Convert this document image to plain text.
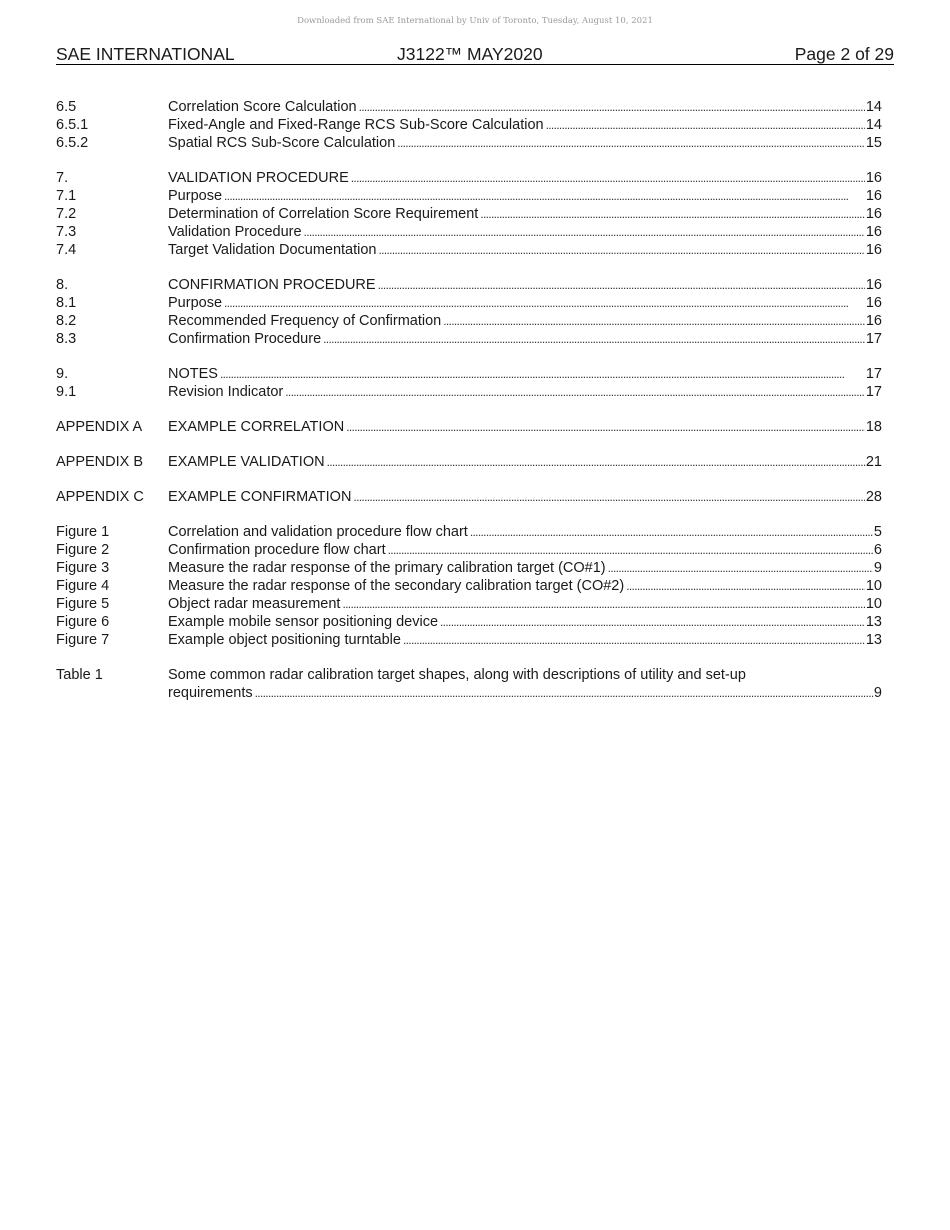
Downloaded from SAE International by Univ of Toronto, Tuesday, August 10, 2021
SAE INTERNATIONAL	J3122™ MAY2020	Page 2 of 29
6.5	Correlation Score Calculation . . .	14
6.5.1	Fixed-Angle and Fixed-Range RCS Sub-Score Calculation . . .	14
6.5.2	Spatial RCS Sub-Score Calculation . . .	15
7.	VALIDATION PROCEDURE . . .	16
7.1	Purpose . . .	16
7.2	Determination of Correlation Score Requirement . . .	16
7.3	Validation Procedure . . .	16
7.4	Target Validation Documentation . . .	16
8.	CONFIRMATION PROCEDURE . . .	16
8.1	Purpose . . .	16
8.2	Recommended Frequency of Confirmation . . .	16
8.3	Confirmation Procedure . . .	17
9.	NOTES . . .	17
9.1	Revision Indicator . . .	17
APPENDIX A EXAMPLE CORRELATION . . .	18
APPENDIX B EXAMPLE VALIDATION . . .	21
APPENDIX C EXAMPLE CONFIRMATION . . .	28
Figure 1	Correlation and validation procedure flow chart . . .	5
Figure 2	Confirmation procedure flow chart . . .	6
Figure 3	Measure the radar response of the primary calibration target (CO#1) . . .	9
Figure 4	Measure the radar response of the secondary calibration target (CO#2) . . .	10
Figure 5	Object radar measurement . . .	10
Figure 6	Example mobile sensor positioning device . . .	13
Figure 7	Example object positioning turntable . . .	13
Table 1	Some common radar calibration target shapes, along with descriptions of utility and set-up
requirements . . .	9
